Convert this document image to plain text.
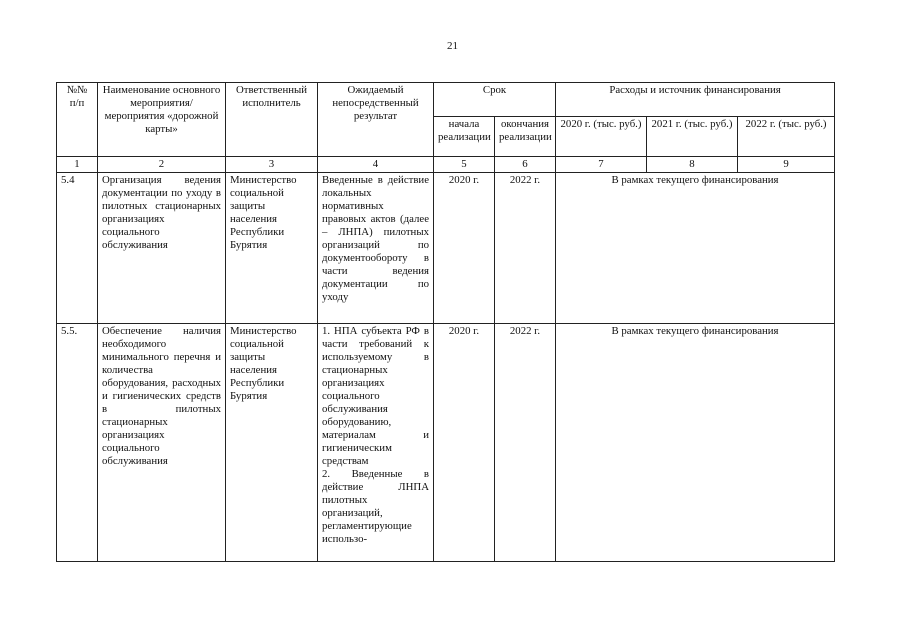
21
№№ п/п	Наименование основного мероприятия/мероприятия «дорожной карты»	Ответственный исполнитель	Ожидаемый непосредственный результат	Срок		Расходы и источник финансирования		
				начала реализации	окончания реализации	2020 г. (тыс. руб.)	2021 г. (тыс. руб.)	2022 г. (тыс. руб.)
1	2	3	4	5	6	7	8	9
5.4	Организация ведения документации по уходу в пилотных стационарных организациях социального обслуживания	Министерство социальной защиты населения Республики Бурятия	Введенные в действие локальных нормативных правовых актов (далее – ЛНПА) пилотных организаций по документообороту в части ведения документации по уходу	2020 г.	2022 г.	В рамках текущего финансирования		
5.5.	Обеспечение наличия необходимого минимального перечня и количества оборудования, расходных и гигиенических средств в пилотных стационарных организациях социального обслуживания	Министерство социальной защиты населения Республики Бурятия	1. НПА субъекта РФ в части требований к используемому в стационарных организациях социального обслуживания оборудованию, материалам и гигиеническим средствам
2. Введенные в действие ЛНПА пилотных организаций, регламентирующие использо-	2020 г.	2022 г.	В рамках текущего финансирования		
